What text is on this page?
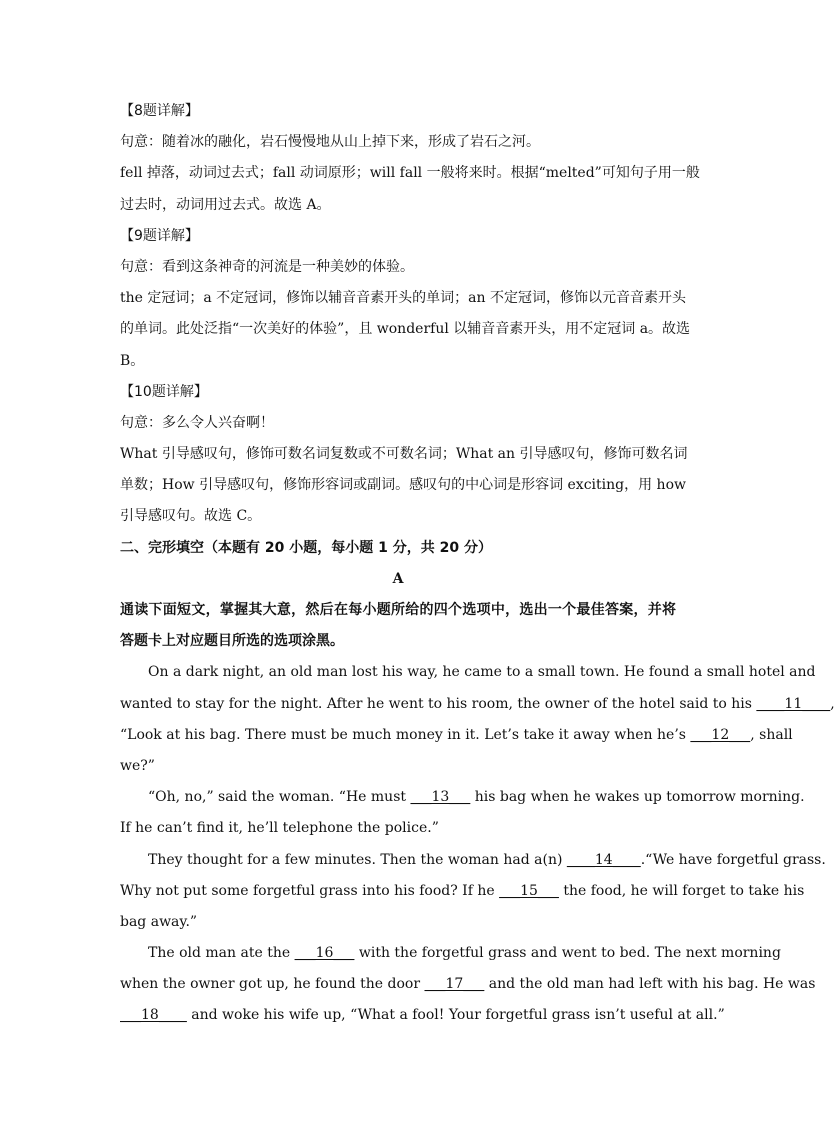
【8题详解】
句意：随着冰的融化，岩石慢慢地从山上掉下来，形成了岩石之河。
fell 掉落，动词过去式；fall 动词原形；will fall 一般将来时。根据“melted”可知句子用一般
过去时，动词用过去式。故选 A。
【9题详解】
句意：看到这条神奇的河流是一种美妙的体验。
the 定冠词；a 不定冠词，修饰以辅音音素开头的单词；an 不定冠词，修饰以元音音素开头
的单词。此处泛指“一次美好的体验”，且 wonderful 以辅音音素开头，用不定冠词 a。故选
B。
【10题详解】
句意：多么令人兴奋啊！
What 引导感叹句，修饰可数名词复数或不可数名词；What an 引导感叹句，修饰可数名词
单数；How 引导感叹句，修饰形容词或副词。感叹句的中心词是形容词 exciting，用 how
引导感叹句。故选 C。
二、完形填空（本题有 20 小题，每小题 1 分，共 20 分）
A
通读下面短文，掌握其大意，然后在每小题所给的四个选项中，选出一个最佳答案，并将
答题卡上对应题目所选的选项涂黑。
On a dark night, an old man lost his way, he came to a small town. He found a small hotel and
wanted to stay for the night. After he went to his room, the owner of the hotel said to his ____11____,
“Look at his bag. There must be much money in it. Let’s take it away when he’s ___12___, shall
we?”
“Oh, no,” said the woman. “He must ___13___ his bag when he wakes up tomorrow morning.
If he can’t find it, he’ll telephone the police.”
They thought for a few minutes. Then the woman had a(n) ____14____.“We have forgetful grass.
Why not put some forgetful grass into his food? If he ___15___ the food, he will forget to take his
bag away.”
The old man ate the ___16___ with the forgetful grass and went to bed. The next morning
when the owner got up, he found the door ___17___ and the old man had left with his bag. He was
___18____ and woke his wife up, “What a fool! Your forgetful grass isn’t useful at all.”
